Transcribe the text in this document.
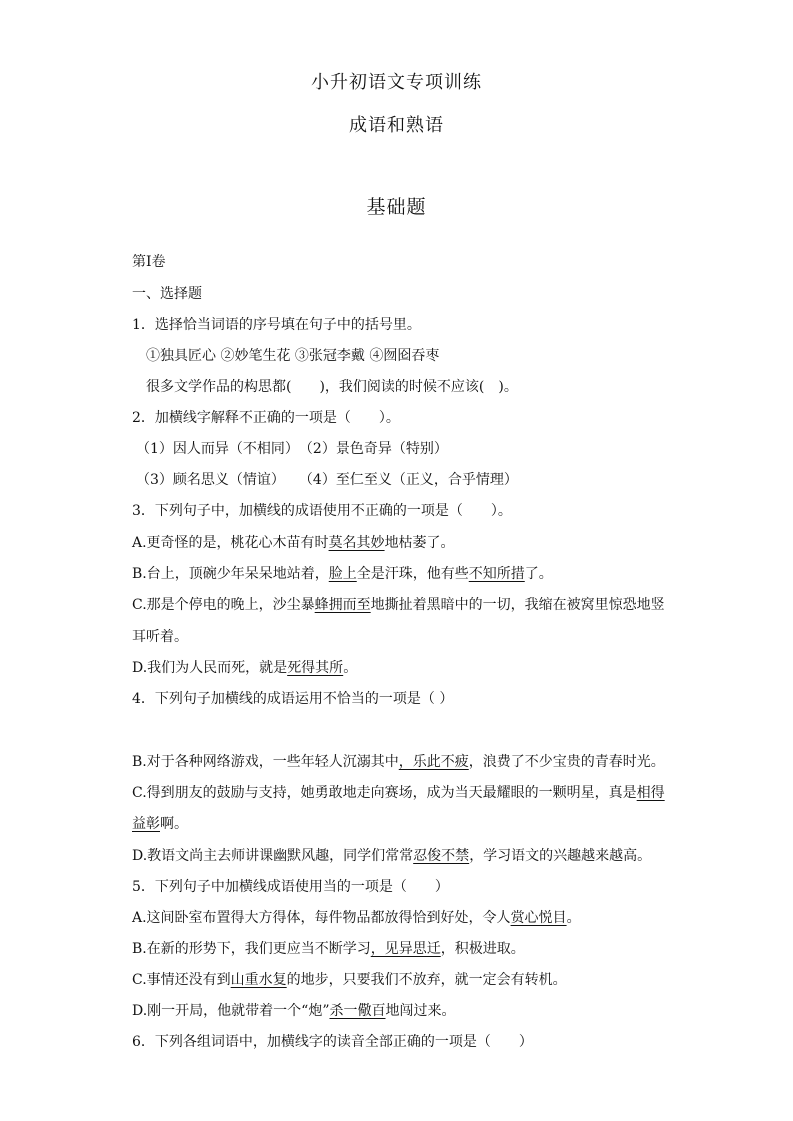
小升初语文专项训练
成语和熟语
基础题
第Ⅰ卷
一、选择题
1．选择恰当词语的序号填在句子中的括号里。
①独具匠心 ②妙笔生花 ③张冠李戴 ④囫囵吞枣
很多文学作品的构思都(　　)，我们阅读的时候不应该(　)。
2．加横线字解释不正确的一项是（　　）。
（1）因人而异（不相同）　（2）景色奇异（特别）
（3）顾名思义（情谊）　　（4）至仁至义（正义，合乎情理）
3．下列句子中，加横线的成语使用不正确的一项是（　　）。
A.更奇怪的是，桃花心木苗有时莫名其妙地枯萎了。
B.台上，顶碗少年呆呆地站着，脸上全是汗珠，他有些不知所措了。
C.那是个停电的晚上，沙尘暴蜂拥而至地撕扯着黑暗中的一切，我缩在被窝里惊恐地竖
耳听着。
D.我们为人民而死，就是死得其所。
4．下列句子加横线的成语运用不恰当的一项是（ ）
B.对于各种网络游戏，一些年轻人沉溺其中，乐此不疲，浪费了不少宝贵的青春时光。
C.得到朋友的鼓励与支持，她勇敢地走向赛场，成为当天最耀眼的一颗明星，真是相得
益彰啊。
D.教语文尚主去师讲课幽默风趣，同学们常常忍俊不禁，学习语文的兴趣越来越高。
5．下列句子中加横线成语使用当的一项是（　　）
A.这间卧室布置得大方得体，每件物品都放得恰到好处，令人赏心悦目。
B.在新的形势下，我们更应当不断学习，见异思迁，积极进取。
C.事情还没有到山重水复的地步，只要我们不放弃，就一定会有转机。
D.刚一开局，他就带着一个“炮”杀一儆百地闯过来。
6．下列各组词语中，加横线字的读音全部正确的一项是（　　）
